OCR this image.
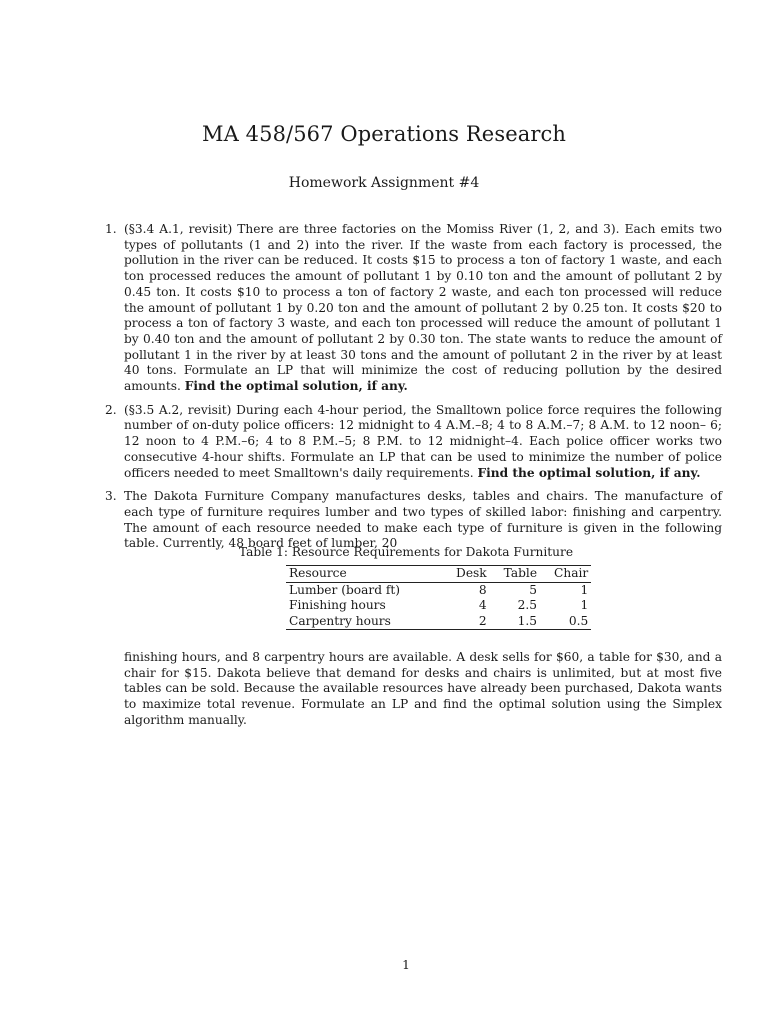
MA 458/567 Operations Research
Homework Assignment #4
1. (§3.4 A.1, revisit) There are three factories on the Momiss River (1, 2, and 3). Each emits two types of pollutants (1 and 2) into the river. If the waste from each factory is processed, the pollution in the river can be reduced. It costs $15 to process a ton of factory 1 waste, and each ton processed reduces the amount of pollutant 1 by 0.10 ton and the amount of pollutant 2 by 0.45 ton. It costs $10 to process a ton of factory 2 waste, and each ton processed will reduce the amount of pollutant 1 by 0.20 ton and the amount of pollutant 2 by 0.25 ton. It costs $20 to process a ton of factory 3 waste, and each ton processed will reduce the amount of pollutant 1 by 0.40 ton and the amount of pollutant 2 by 0.30 ton. The state wants to reduce the amount of pollutant 1 in the river by at least 30 tons and the amount of pollutant 2 in the river by at least 40 tons. Formulate an LP that will minimize the cost of reducing pollution by the desired amounts. Find the optimal solution, if any.
2. (§3.5 A.2, revisit) During each 4-hour period, the Smalltown police force requires the following number of on-duty police officers: 12 midnight to 4 A.M.–8; 4 to 8 A.M.–7; 8 A.M. to 12 noon– 6; 12 noon to 4 P.M.–6; 4 to 8 P.M.–5; 8 P.M. to 12 midnight–4. Each police officer works two consecutive 4-hour shifts. Formulate an LP that can be used to minimize the number of police officers needed to meet Smalltown's daily requirements. Find the optimal solution, if any.
3. The Dakota Furniture Company manufactures desks, tables and chairs. The manufacture of each type of furniture requires lumber and two types of skilled labor: finishing and carpentry. The amount of each resource needed to make each type of furniture is given in the following table. Currently, 48 board feet of lumber, 20
Table 1: Resource Requirements for Dakota Furniture
Resource	Desk	Table	Chair
Lumber (board ft)	8	5	1
Finishing hours	4	2.5	1
Carpentry hours	2	1.5	0.5

finishing hours, and 8 carpentry hours are available. A desk sells for $60, a table for $30, and a chair for $15. Dakota believe that demand for desks and chairs is unlimited, but at most five tables can be sold. Because the available resources have already been purchased, Dakota wants to maximize total revenue. Formulate an LP and find the optimal solution using the Simplex algorithm manually.

1
